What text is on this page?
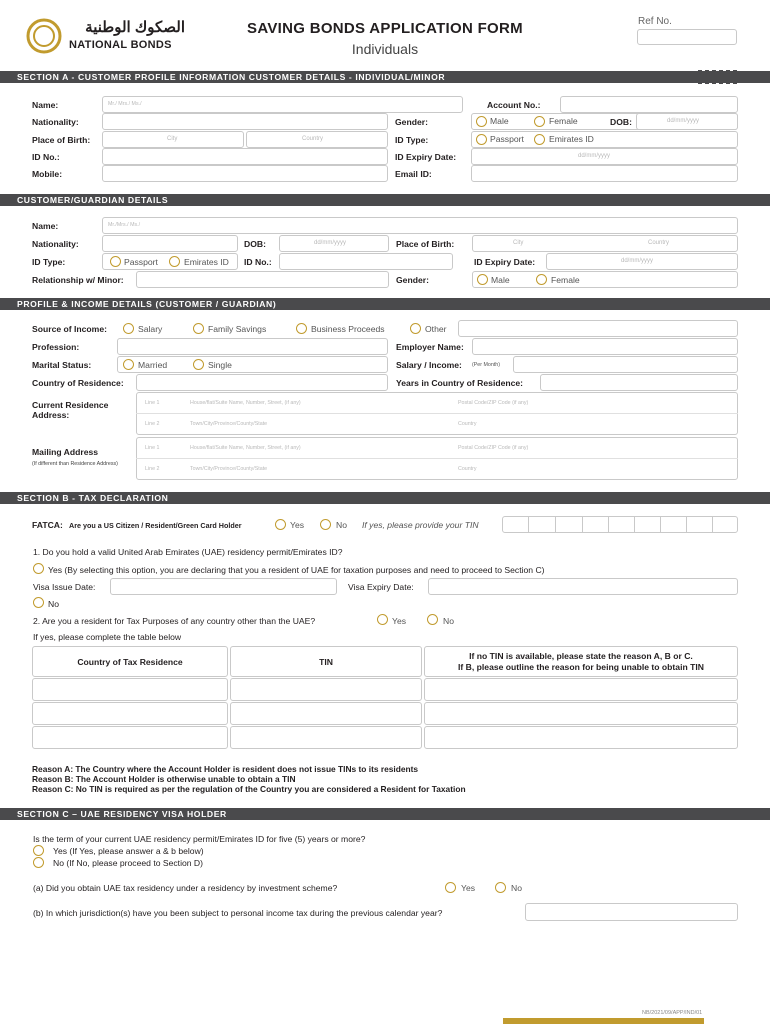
الصكوك الوطنية
NATIONAL BONDS
SAVING BONDS APPLICATION FORM
Individuals
Ref No.
SECTION A - CUSTOMER PROFILE INFORMATION CUSTOMER DETAILS - INDIVIDUAL/MINOR
Name:	Mr./ Mrs./ Ms./	Account No.:
Nationality:	Gender:	Male	Female	DOB:	dd/mm/yyyy
Place of Birth:	City	Country	ID Type:	Passport	Emirates ID
ID No.:	ID Expiry Date:	dd/mm/yyyy
Mobile:	Email ID:
CUSTOMER/GUARDIAN DETAILS
Name:	Mr./Mrs./ Ms./
Nationality:	DOB:	dd/mm/yyyy	Place of Birth:	City	Country
ID Type:	Passport	Emirates ID ID No.:	ID Expiry Date:	dd/mm/yyyy
Relationship w/ Minor:	Gender:	Male	Female
PROFILE & INCOME DETAILS (CUSTOMER / GUARDIAN)
Source of Income:	Salary	Family Savings	Business Proceeds	Other
Profession:	Employer Name:
Marital Status:	Married	Single	Salary / Income: (Per Month)
Country of Residence:	Years in Country of Residence:
Current Residence
Address:
Line 1	House/flat/Suite Name, Number, Street, (if any)	Postal Code/ZIP Code (if any)
Line 2	Town/City/Province/County/State	Country
Mailing Address
(If different than Residence Address)
Line 1	House/flat/Suite Name, Number, Street, (if any)	Postal Code/ZIP Code (if any)
Line 2	Town/City/Province/County/State	Country
SECTION B - TAX DECLARATION
FATCA: Are you a US Citizen / Resident/Green Card Holder	Yes	No If yes, please provide your TIN
1. Do you hold a valid United Arab Emirates (UAE) residency permit/Emirates ID?
Yes (By selecting this option, you are declaring that you a resident of UAE for taxation purposes and need to proceed to Section C)
Visa Issue Date:	Visa Expiry Date:
No
2. Are you a resident for Tax Purposes of any country other than the UAE?	Yes	No
If yes, please complete the table below
Country of Tax Residence	TIN
If no TIN is available, please state the reason A, B or C.
If B, please outline the reason for being unable to obtain TIN
Reason A: The Country where the Account Holder is resident does not issue TINs to its residents
Reason B: The Account Holder is otherwise unable to obtain a TIN
Reason C: No TIN is required as per the regulation of the Country you are considered a Resident for Taxation
SECTION C – UAE RESIDENCY VISA HOLDER
Is the term of your current UAE residency permit/Emirates ID for five (5) years or more?
Yes (If Yes, please answer a & b below)
No (If No, please proceed to Section D)
(a) Did you obtain UAE tax residency under a residency by investment scheme?	Yes	No
(b) In which jurisdiction(s) have you been subject to personal income tax during the previous calendar year?
NB/2021/09/APP/IND/01
